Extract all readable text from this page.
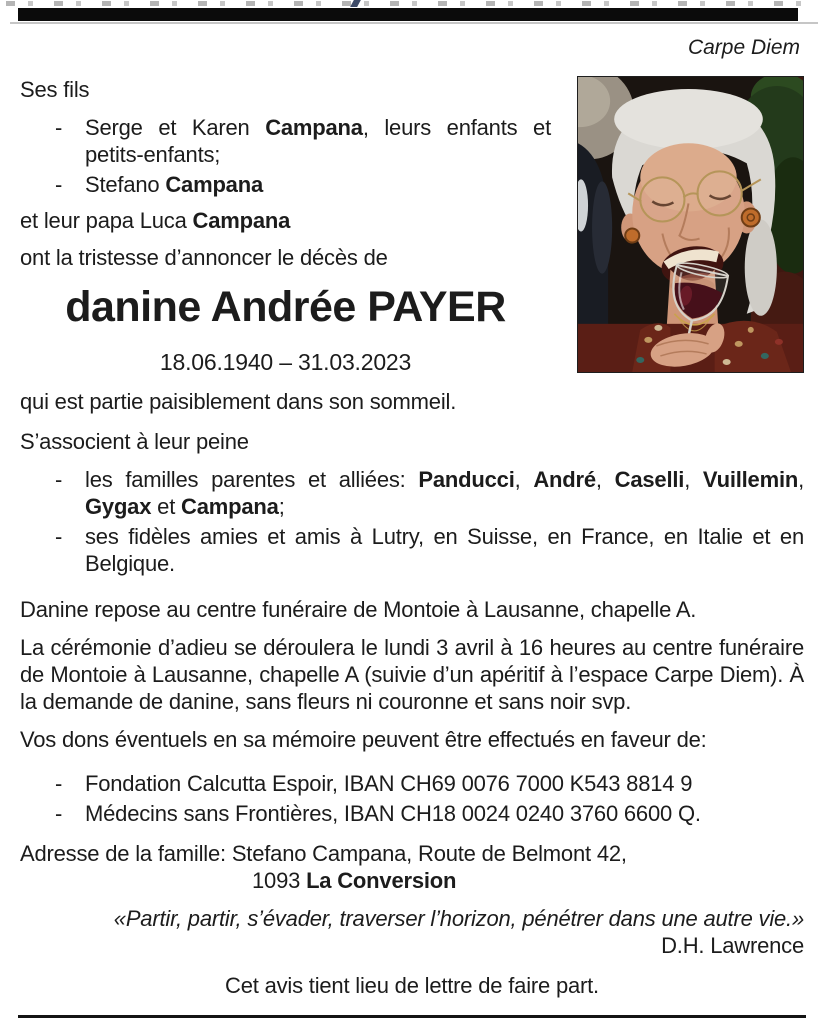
Carpe Diem

Ses fils

-	Serge et Karen Campana, leurs enfants et petits-enfants;
-	Stefano Campana

et leur papa Luca Campana

ont la tristesse d’annoncer le décès de

danine Andrée PAYER
18.06.1940 – 31.03.2023

qui est partie paisiblement dans son sommeil.

S’associent à leur peine

-	les familles parentes et alliées: Panducci, André, Caselli, Vuillemin, Gygax et Campana;
-	ses fidèles amies et amis à Lutry, en Suisse, en France, en Italie et en Belgique.

Danine repose au centre funéraire de Montoie à Lausanne, chapelle A.

La cérémonie d’adieu se déroulera le lundi 3 avril à 16 heures au centre funéraire de Montoie à Lausanne, chapelle A (suivie d’un apéritif à l’espace Carpe Diem). À la demande de danine, sans fleurs ni couronne et sans noir svp.

Vos dons éventuels en sa mémoire peuvent être effectués en faveur de:

-	Fondation Calcutta Espoir, IBAN CH69 0076 7000 K543 8814 9
-	Médecins sans Frontières, IBAN CH18 0024 0240 3760 6600 Q.

Adresse de la famille: Stefano Campana, Route de Belmont 42,

1093 La Conversion

«Partir, partir, s’évader, traverser l’horizon, pénétrer dans une autre vie.»

D.H. Lawrence

Cet avis tient lieu de lettre de faire part.
